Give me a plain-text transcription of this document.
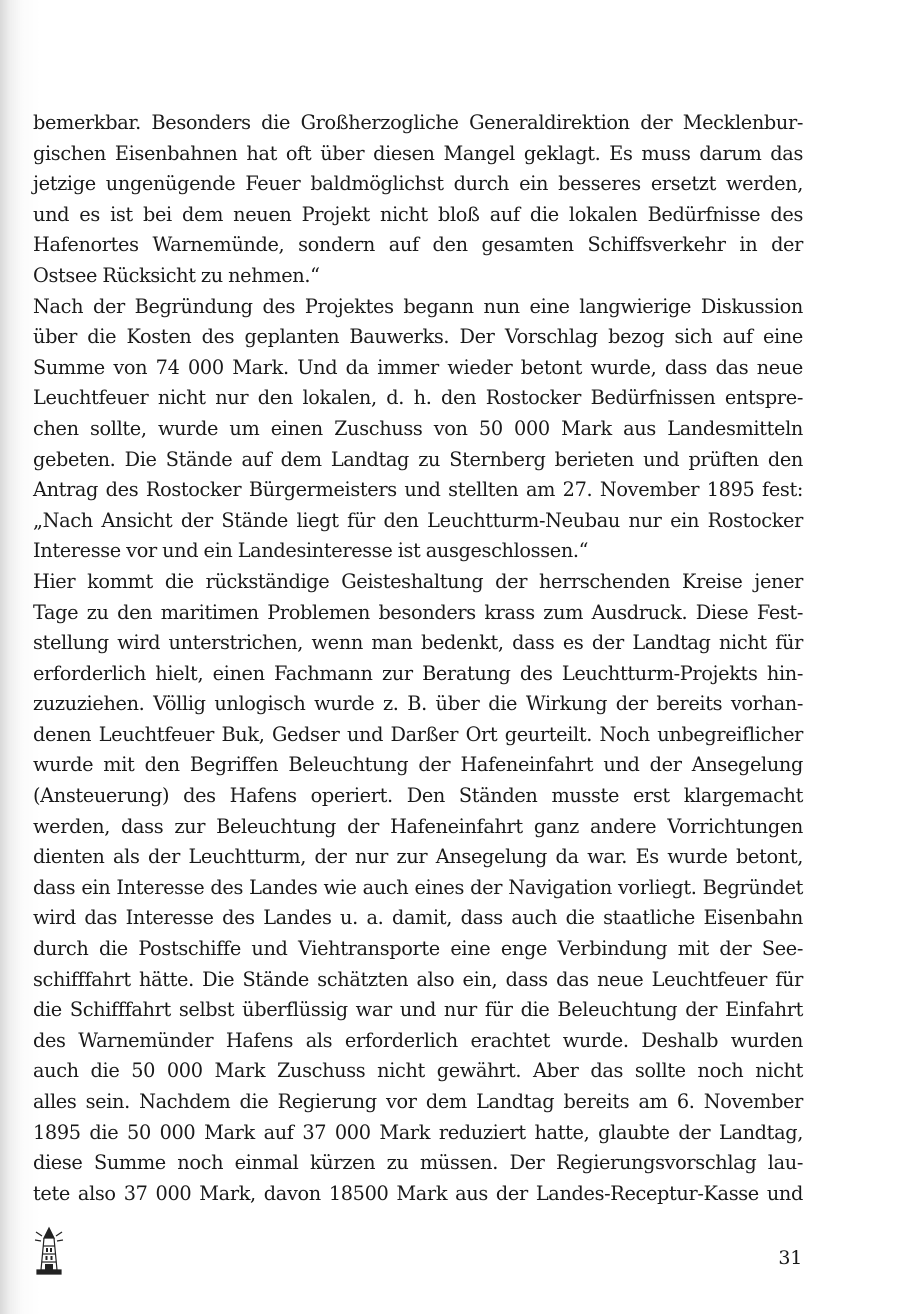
bemerkbar. Besonders die Großherzogliche Generaldirektion der Mecklenbur-
gischen Eisenbahnen hat oft über diesen Mangel geklagt. Es muss darum das
jetzige ungenügende Feuer baldmöglichst durch ein besseres ersetzt werden,
und es ist bei dem neuen Projekt nicht bloß auf die lokalen Bedürfnisse des
Hafenortes Warnemünde, sondern auf den gesamten Schiffsverkehr in der
Ostsee Rücksicht zu nehmen.“
Nach der Begründung des Projektes begann nun eine langwierige Diskussion
über die Kosten des geplanten Bauwerks. Der Vorschlag bezog sich auf eine
Summe von 74 000 Mark. Und da immer wieder betont wurde, dass das neue
Leuchtfeuer nicht nur den lokalen, d. h. den Rostocker Bedürfnissen entspre-
chen sollte, wurde um einen Zuschuss von 50 000 Mark aus Landesmitteln
gebeten. Die Stände auf dem Landtag zu Sternberg berieten und prüften den
Antrag des Rostocker Bürgermeisters und stellten am 27. November 1895 fest:
„Nach Ansicht der Stände liegt für den Leuchtturm-Neubau nur ein Rostocker
Interesse vor und ein Landesinteresse ist ausgeschlossen.“
Hier kommt die rückständige Geisteshaltung der herrschenden Kreise jener
Tage zu den maritimen Problemen besonders krass zum Ausdruck. Diese Fest-
stellung wird unterstrichen, wenn man bedenkt, dass es der Landtag nicht für
erforderlich hielt, einen Fachmann zur Beratung des Leuchtturm-Projekts hin-
zuzuziehen. Völlig unlogisch wurde z. B. über die Wirkung der bereits vorhan-
denen Leuchtfeuer Buk, Gedser und Darßer Ort geurteilt. Noch unbegreiflicher
wurde mit den Begriffen Beleuchtung der Hafeneinfahrt und der Ansegelung
(Ansteuerung) des Hafens operiert. Den Ständen musste erst klargemacht
werden, dass zur Beleuchtung der Hafeneinfahrt ganz andere Vorrichtungen
dienten als der Leuchtturm, der nur zur Ansegelung da war. Es wurde betont,
dass ein Interesse des Landes wie auch eines der Navigation vorliegt. Begründet
wird das Interesse des Landes u. a. damit, dass auch die staatliche Eisenbahn
durch die Postschiffe und Viehtransporte eine enge Verbindung mit der See-
schifffahrt hätte. Die Stände schätzten also ein, dass das neue Leuchtfeuer für
die Schifffahrt selbst überflüssig war und nur für die Beleuchtung der Einfahrt
des Warnemünder Hafens als erforderlich erachtet wurde. Deshalb wurden
auch die 50 000 Mark Zuschuss nicht gewährt. Aber das sollte noch nicht
alles sein. Nachdem die Regierung vor dem Landtag bereits am 6. November
1895 die 50 000 Mark auf 37 000 Mark reduziert hatte, glaubte der Landtag,
diese Summe noch einmal kürzen zu müssen. Der Regierungsvorschlag lau-
tete also 37 000 Mark, davon 18500 Mark aus der Landes-Receptur-Kasse und
31
